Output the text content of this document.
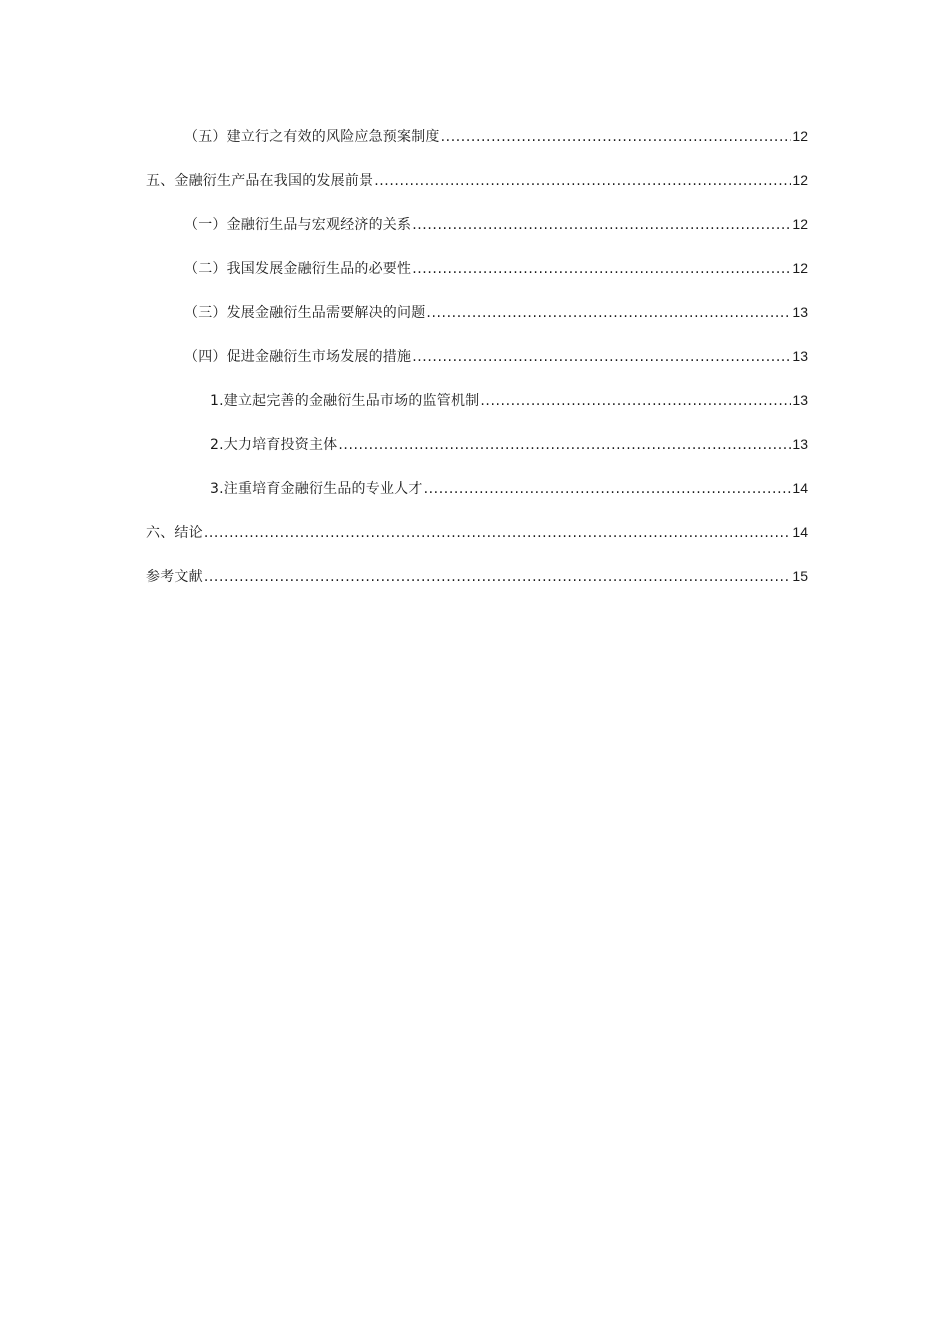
（五）建立行之有效的风险应急预案制度 .....	12
五、金融衍生产品在我国的发展前景 .....	12
（一）金融衍生品与宏观经济的关系 .....	12
（二）我国发展金融衍生品的必要性 .....	12
（三）发展金融衍生品需要解决的问题 .....	13
（四）促进金融衍生市场发展的措施 .....	13
1.建立起完善的金融衍生品市场的监管机制 .....	13
2.大力培育投资主体 .....	13
3.注重培育金融衍生品的专业人才 .....	14
六、结论 .....	14
参考文献 .....	15
